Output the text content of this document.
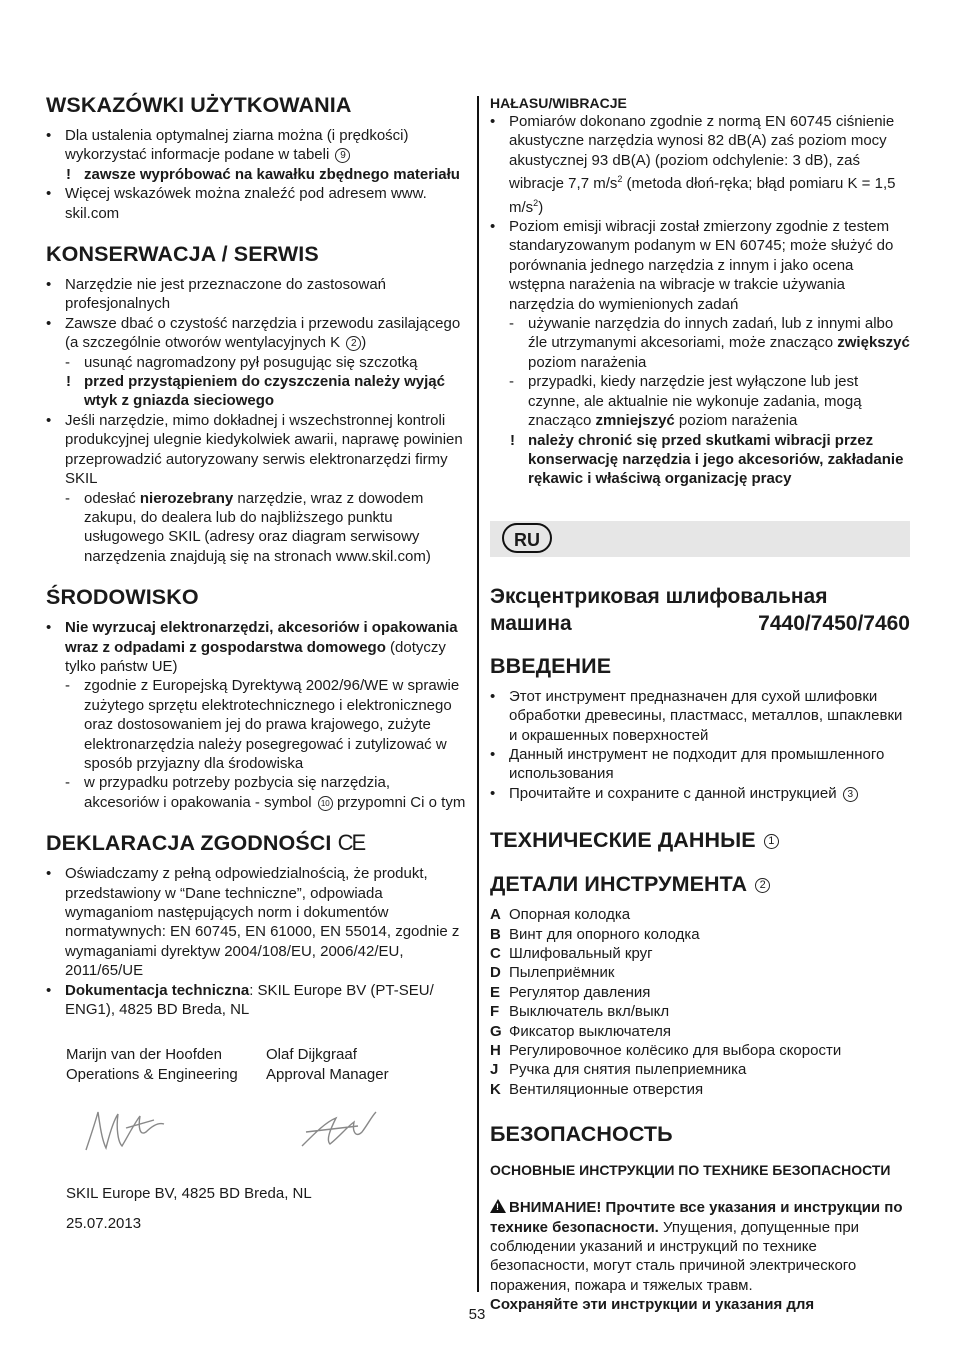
WSKAZÓWKI UŻYTKOWANIA
• Dla ustalenia optymalnej ziarna można (i prędkości) wykorzystać informacje podane w tabeli 9
! zawsze wypróbować na kawałku zbędnego materiału
• Więcej wskazówek można znaleźć pod adresem www. skil.com
KONSERWACJA / SERWIS
• Narzędzie nie jest przeznaczone do zastosowań profesjonalnych
• Zawsze dbać o czystość narzędzia i przewodu zasilającego (a szczególnie otworów wentylacyjnych K 2 )
- usunąć nagromadzony pył posugując się szczotką
! przed przystąpieniem do czyszczenia należy wyjąć wtyk z gniazda sieciowego
• Jeśli narzędzie, mimo dokładnej i wszechstronnej kontroli produkcyjnej ulegnie kiedykolwiek awarii, naprawę powinien przeprowadzić autoryzowany serwis elektronarzędzi firmy SKIL
- odesłać nierozebrany narzędzie, wraz z dowodem zakupu, do dealera lub do najbliższego punktu usługowego SKIL (adresy oraz diagram serwisowy narzędzenia znajdują się na stronach www.skil.com)
ŚRODOWISKO
• Nie wyrzucaj elektronarzędzi, akcesoriów i opakowania wraz z odpadami z gospodarstwa domowego (dotyczy tylko państw UE)
- zgodnie z Europejską Dyrektywą 2002/96/WE w sprawie zużytego sprzętu elektrotechnicznego i elektronicznego oraz dostosowaniem jej do prawa krajowego, zużyte elektronarzędzia należy posegregować i zutylizować w sposób przyjazny dla środowiska
- w przypadku potrzeby pozbycia się narzędzia, akcesoriów i opakowania - symbol 10 przypomni Ci o tym
DEKLARACJA ZGODNOŚCI CE
• Oświadczamy z pełną odpowiedzialnością, że produkt, przedstawiony w “Dane techniczne”, odpowiada wymaganiom następujących norm i dokumentów normatywnych: EN 60745, EN 61000, EN 55014, zgodnie z wymaganiami dyrektyw 2004/108/EU, 2006/42/EU, 2011/65/UE
• Dokumentacja techniczna: SKIL Europe BV (PT-SEU/ ENG1), 4825 BD Breda, NL
Marijn van der Hoofden
Operations & Engineering
Olaf Dijkgraaf
Approval Manager
SKIL Europe BV, 4825 BD Breda, NL
25.07.2013
HAŁASU/WIBRACJE
• Pomiarów dokonano zgodnie z normą EN 60745 ciśnienie akustyczne narzędzia wynosi 82 dB(A) zaś poziom mocy akustycznej 93 dB(A) (poziom odchylenie: 3 dB), zaś wibracje 7,7 $m/s^2$ (metoda dłoń-ręka; błąd pomiaru K = 1,5 $m/s^2$)
• Poziom emisji wibracji został zmierzony zgodnie z testem standaryzowanym podanym w EN 60745; może służyć do porównania jednego narzędzia z innym i jako ocena wstępna narażenia na wibracje w trakcie używania narzędzia do wymienionych zadań
- używanie narzędzia do innych zadań, lub z innymi albo źle utrzymanymi akcesoriami, może znacząco zwiększyć poziom narażenia
- przypadki, kiedy narzędzie jest wyłączone lub jest czynne, ale aktualnie nie wykonuje zadania, mogą znacząco zmniejszyć poziom narażenia
! należy chronić się przed skutkami wibracji przez konserwację narzędzia i jego akcesoriów, zakładanie rękawic i właściwą organizację pracy
RU
Эксцентриковая шлифовальная
машина	7440/7450/7460
ВВЕДЕНИЕ
• Этот инструмент предназначен для сухой шлифовки обработки древесины, пластмасс, металлов, шпаклевки и окрашенных поверхностей
• Данный инструмент не подходит для промышленного использования
• Прочитайте и сохраните с данной инструкцией 3
ТЕХНИЧЕСКИЕ ДАННЫЕ 1
ДЕТАЛИ ИНСТРУМЕНТА 2
A Опорная колодка
B Винт для опорного колодка
C Шлифовальный круг
D Пылеприёмник
E Регулятор давления
F Выключатель вкл/выкл
G Фиксатор выключателя
H Регулировочное колёсико для выбора скорости
J Ручка для снятия пылеприемника
K Вентиляционные отверстия
БЕЗОПАСНОСТЬ
ОСНОВНЫЕ ИНСТРУКЦИИ ПО ТЕХНИКЕ БЕЗОПАСНОСТИ

! ВНИМАНИЕ! Прочтите все указания и инструкции по технике безопасности. Упущения, допущенные при соблюдении указаний и инструкций по технике безопасности, могут сталь причиной электрического поражения, пожара и тяжелых травм.
Сохраняйте эти инструкции и указания для

53
